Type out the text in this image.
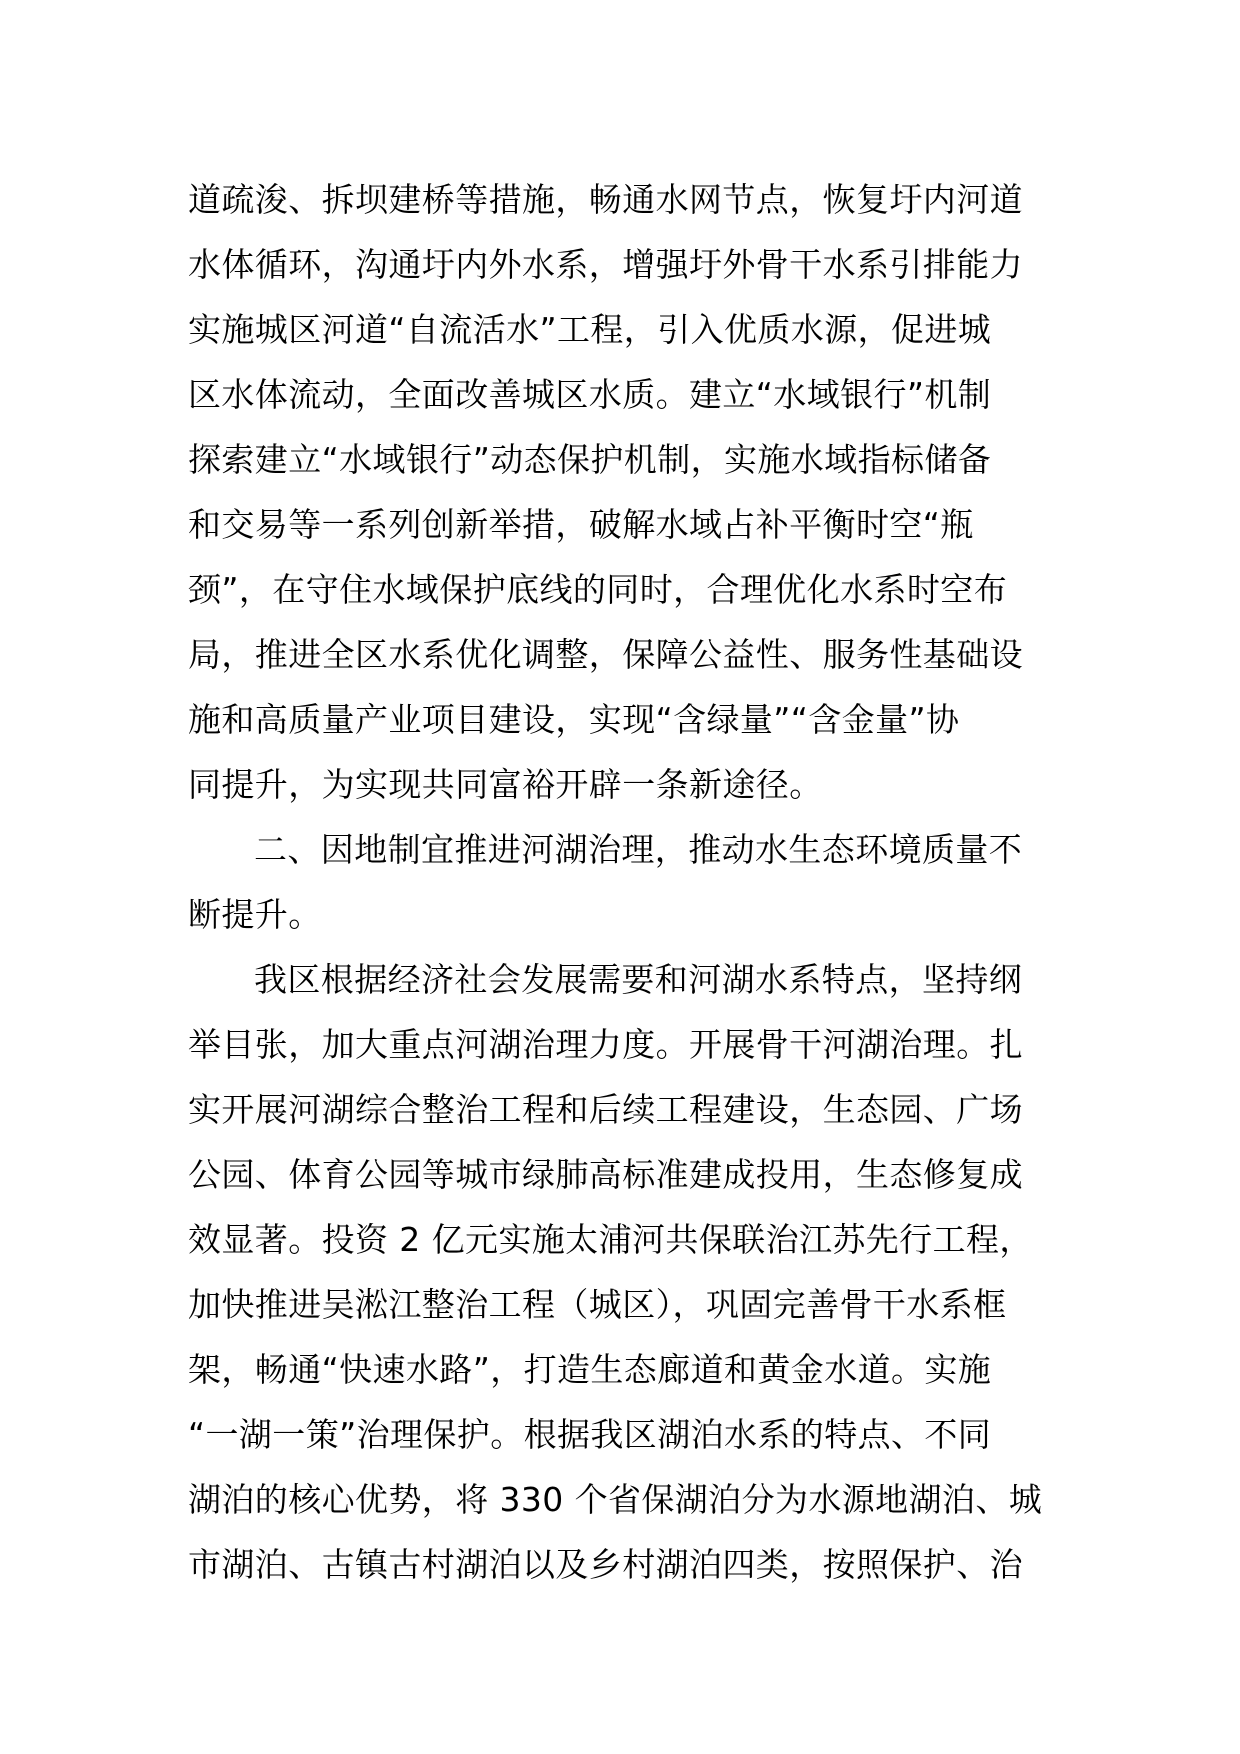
道疏浚、拆坝建桥等措施，畅通水网节点，恢复圩内河道
水体循环，沟通圩内外水系，增强圩外骨干水系引排能力
实施城区河道“自流活水”工程，引入优质水源，促进城
区水体流动，全面改善城区水质。建立“水域银行”机制
探索建立“水域银行”动态保护机制，实施水域指标储备
和交易等一系列创新举措，破解水域占补平衡时空“瓶
颈”，在守住水域保护底线的同时，合理优化水系时空布
局，推进全区水系优化调整，保障公益性、服务性基础设
施和高质量产业项目建设，实现“含绿量”“含金量”协
同提升，为实现共同富裕开辟一条新途径。
二、因地制宜推进河湖治理，推动水生态环境质量不
断提升。
我区根据经济社会发展需要和河湖水系特点，坚持纲
举目张，加大重点河湖治理力度。开展骨干河湖治理。扎
实开展河湖综合整治工程和后续工程建设，生态园、广场
公园、体育公园等城市绿肺高标准建成投用，生态修复成
效显著。投资 2 亿元实施太浦河共保联治江苏先行工程，
加快推进吴淞江整治工程（城区），巩固完善骨干水系框
架，畅通“快速水路”，打造生态廊道和黄金水道。实施
“一湖一策”治理保护。根据我区湖泊水系的特点、不同
湖泊的核心优势，将 330 个省保湖泊分为水源地湖泊、城
市湖泊、古镇古村湖泊以及乡村湖泊四类，按照保护、治
